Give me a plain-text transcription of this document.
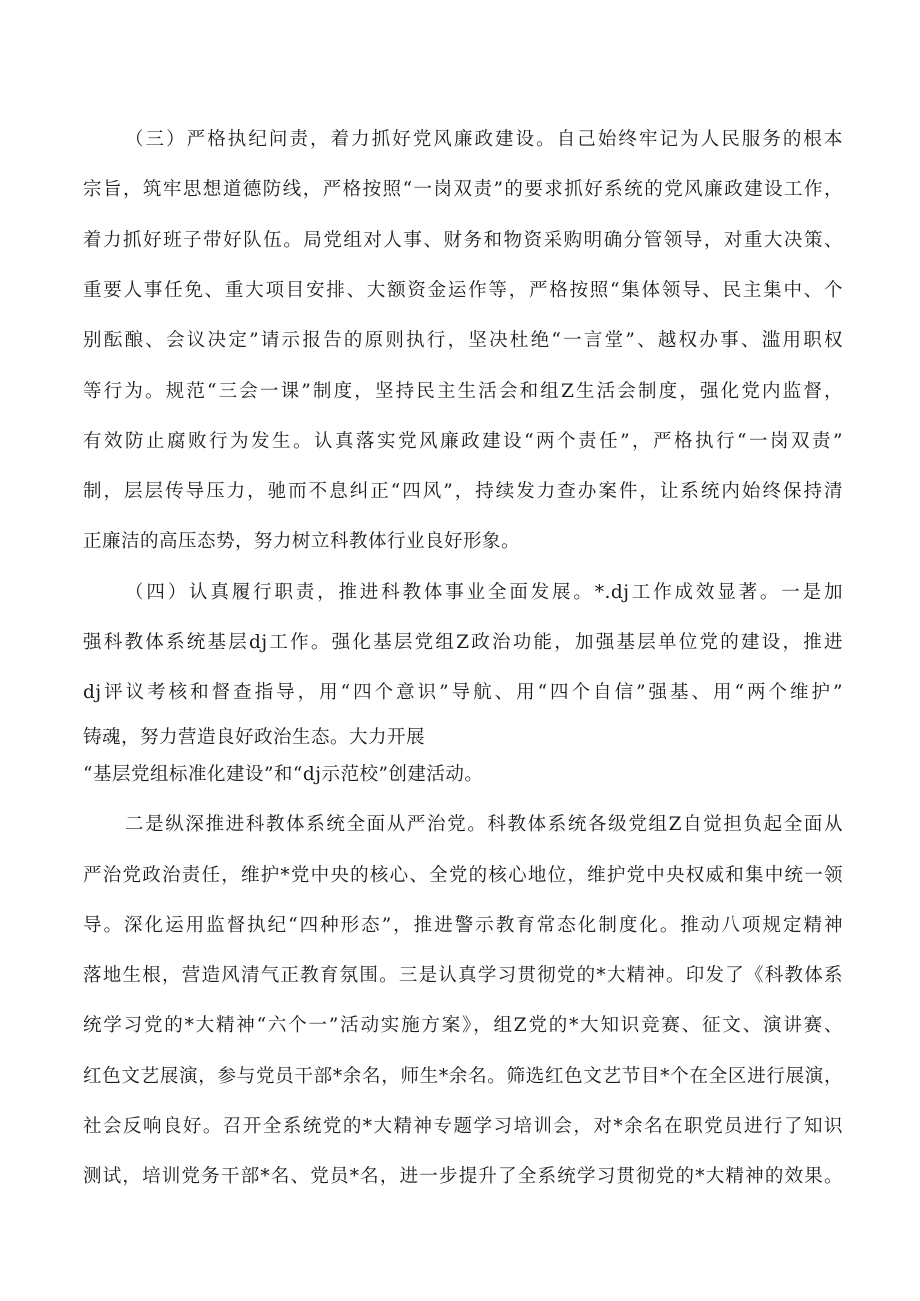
（三）严格执纪问责，着力抓好党风廉政建设。自己始终牢记为人民服务的根本
宗旨，筑牢思想道德防线，严格按照“一岗双责”的要求抓好系统的党风廉政建设工作，
着力抓好班子带好队伍。局党组对人事、财务和物资采购明确分管领导，对重大决策、
重要人事任免、重大项目安排、大额资金运作等，严格按照“集体领导、民主集中、个
别酝酿、会议决定”请示报告的原则执行，坚决杜绝“一言堂”、越权办事、滥用职权
等行为。规范“三会一课”制度，坚持民主生活会和组Z生活会制度，强化党内监督，
有效防止腐败行为发生。认真落实党风廉政建设“两个责任”，严格执行“一岗双责”
制，层层传导压力，驰而不息纠正“四风”，持续发力查办案件，让系统内始终保持清
正廉洁的高压态势，努力树立科教体行业良好形象。
（四）认真履行职责，推进科教体事业全面发展。*.dj工作成效显著。一是加
强科教体系统基层dj工作。强化基层党组Z政治功能，加强基层单位党的建设，推进
dj评议考核和督查指导，用“四个意识”导航、用“四个自信”强基、用“两个维护”
铸魂，努力营造良好政治生态。大力开展
“基层党组标准化建设”和“dj示范校”创建活动。
二是纵深推进科教体系统全面从严治党。科教体系统各级党组Z自觉担负起全面从
严治党政治责任，维护*党中央的核心、全党的核心地位，维护党中央权威和集中统一领
导。深化运用监督执纪“四种形态”，推进警示教育常态化制度化。推动八项规定精神
落地生根，营造风清气正教育氛围。三是认真学习贯彻党的*大精神。印发了《科教体系
统学习党的*大精神“六个一”活动实施方案》，组Z党的*大知识竞赛、征文、演讲赛、
红色文艺展演，参与党员干部*余名，师生*余名。筛选红色文艺节目*个在全区进行展演，
社会反响良好。召开全系统党的*大精神专题学习培训会，对*余名在职党员进行了知识
测试，培训党务干部*名、党员*名，进一步提升了全系统学习贯彻党的*大精神的效果。
